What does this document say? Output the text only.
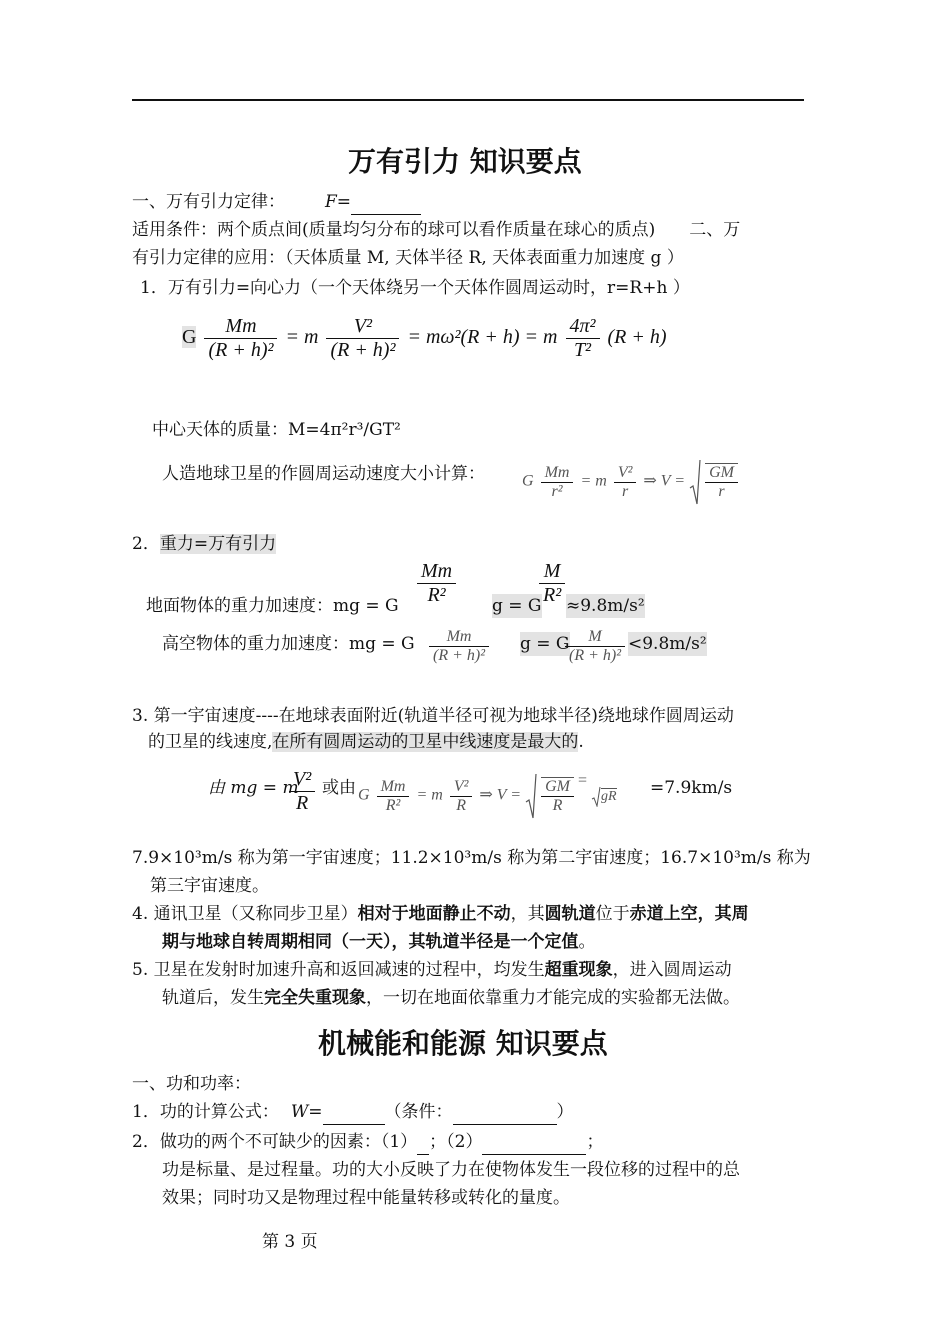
万有引力 知识要点
一、万有引力定律： F=
适用条件：两个质点间(质量均匀分布的球可以看作质量在球心的质点)　　二、万
有引力定律的应用：（天体质量 M, 天体半径 R, 天体表面重力加速度 g ）
1．万有引力=向心力（一个天体绕另一个天体作圆周运动时，r=R+h ）
G $\frac{Mm}{\text{(R + h)²}} = m \frac{\text{V²}}{\text{(R + h)²}} = m\omega^2(R + h) = m \frac{\text{4π²}}{\text{T²}} (R + h)$
中心天体的质量：M=4π²r³/GT²
人造地球卫星的作圆周运动速度大小计算： G $\frac{Mm}{\text{r²}} = m \frac{\text{V²}}{r}$ ⇒ $V = \frac{GM}{r}$
2．重力=万有引力
地面物体的重力加速度：mg = G $\frac{Mm}{\text{R²}}$ g = G
$\frac{M}{\text{R²}} \approx 9.8m/s^2$
高空物体的重力加速度：mg = G $\frac{Mm}{\text{(R + h)²}}$ g = G
$\frac{M}{\text{(R + h)²}} <9.8m/s^2$
3. 第一宇宙速度----在地球表面附近(轨道半径可视为地球半径)绕地球作圆周运动
的卫星的线速度,在所有圆周运动的卫星中线速度是最大的.
由 mg = m
$\frac{\text{V²}}{R}$ 或由 G $\frac{Mm}{\text{R²}} = m \frac{\text{V²}}{R}$ ⇒ $V = \frac{GM}{R}$ = gR =7.9km/s
7.9×10³m/s 称为第一宇宙速度；11.2×10³m/s 称为第二宇宙速度；16.7×10³m/s 称为
第三宇宙速度。
4. 通讯卫星（又称同步卫星）相对于地面静止不动，其圆轨道位于赤道上空，其周
期与地球自转周期相同（一天），其轨道半径是一个定值。
5. 卫星在发射时加速升高和返回减速的过程中，均发生超重现象，进入圆周运动
轨道后，发生完全失重现象，一切在地面依靠重力才能完成的实验都无法做。
机械能和能源 知识要点
一、功和功率：
1．功的计算公式： W=	（条件：	）
2．做功的两个不可缺少的因素：（1） ；（2）	；
功是标量、是过程量。功的大小反映了力在使物体发生一段位移的过程中的总
效果；同时功又是物理过程中能量转移或转化的量度。
第 3 页
